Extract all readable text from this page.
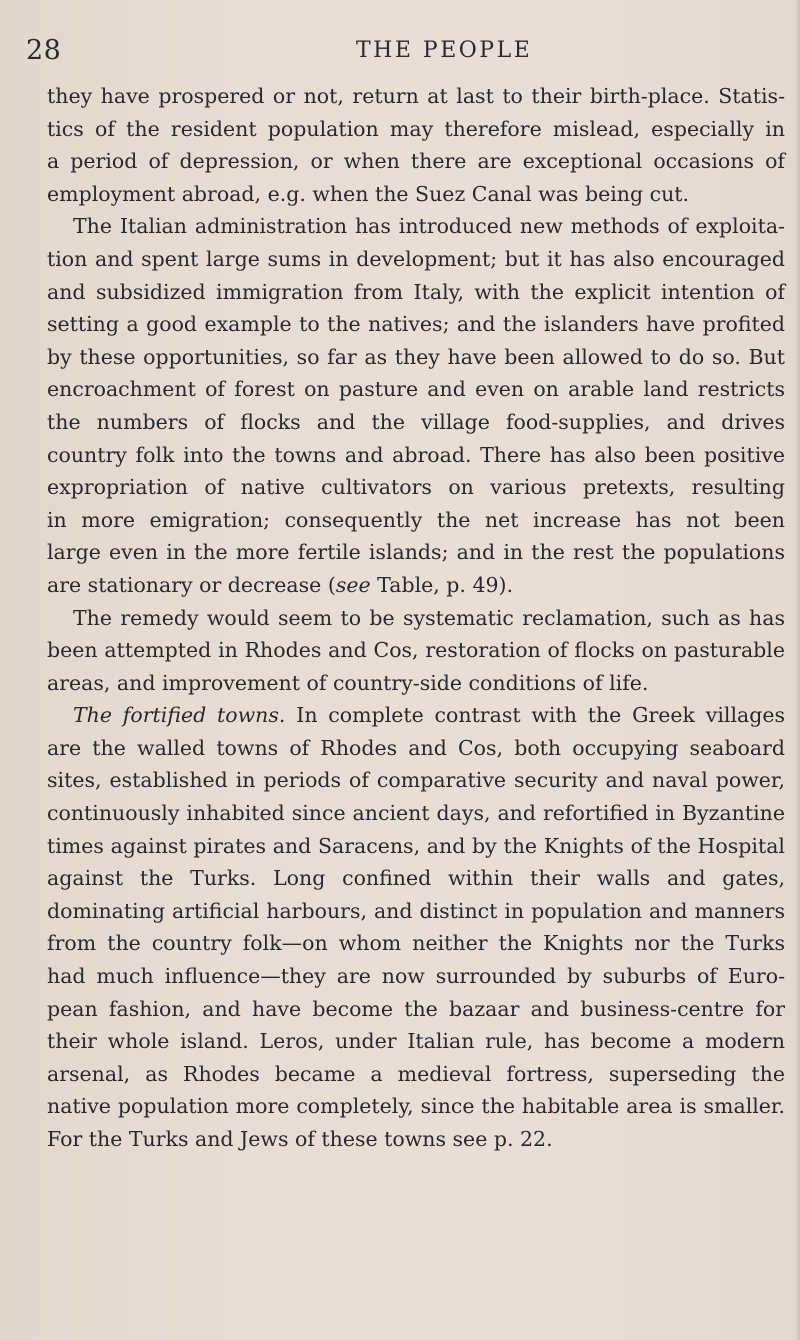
28	THE PEOPLE
they have prospered or not, return at last to their birth-place. Statis-
tics of the resident population may therefore mislead, especially in
a period of depression, or when there are exceptional occasions of
employment abroad, e.g. when the Suez Canal was being cut.
The Italian administration has introduced new methods of exploita-
tion and spent large sums in development; but it has also encouraged
and subsidized immigration from Italy, with the explicit intention of
setting a good example to the natives; and the islanders have profited
by these opportunities, so far as they have been allowed to do so. But
encroachment of forest on pasture and even on arable land restricts
the numbers of flocks and the village food-supplies, and drives
country folk into the towns and abroad. There has also been positive
expropriation of native cultivators on various pretexts, resulting
in more emigration; consequently the net increase has not been
large even in the more fertile islands; and in the rest the populations
are stationary or decrease (see Table, p. 49).
The remedy would seem to be systematic reclamation, such as has
been attempted in Rhodes and Cos, restoration of flocks on pasturable
areas, and improvement of country-side conditions of life.
The fortified towns. In complete contrast with the Greek villages
are the walled towns of Rhodes and Cos, both occupying seaboard
sites, established in periods of comparative security and naval power,
continuously inhabited since ancient days, and refortified in Byzantine
times against pirates and Saracens, and by the Knights of the Hospital
against the Turks. Long confined within their walls and gates,
dominating artificial harbours, and distinct in population and manners
from the country folk—on whom neither the Knights nor the Turks
had much influence—they are now surrounded by suburbs of Euro-
pean fashion, and have become the bazaar and business-centre for
their whole island. Leros, under Italian rule, has become a modern
arsenal, as Rhodes became a medieval fortress, superseding the
native population more completely, since the habitable area is smaller.
For the Turks and Jews of these towns see p. 22.
